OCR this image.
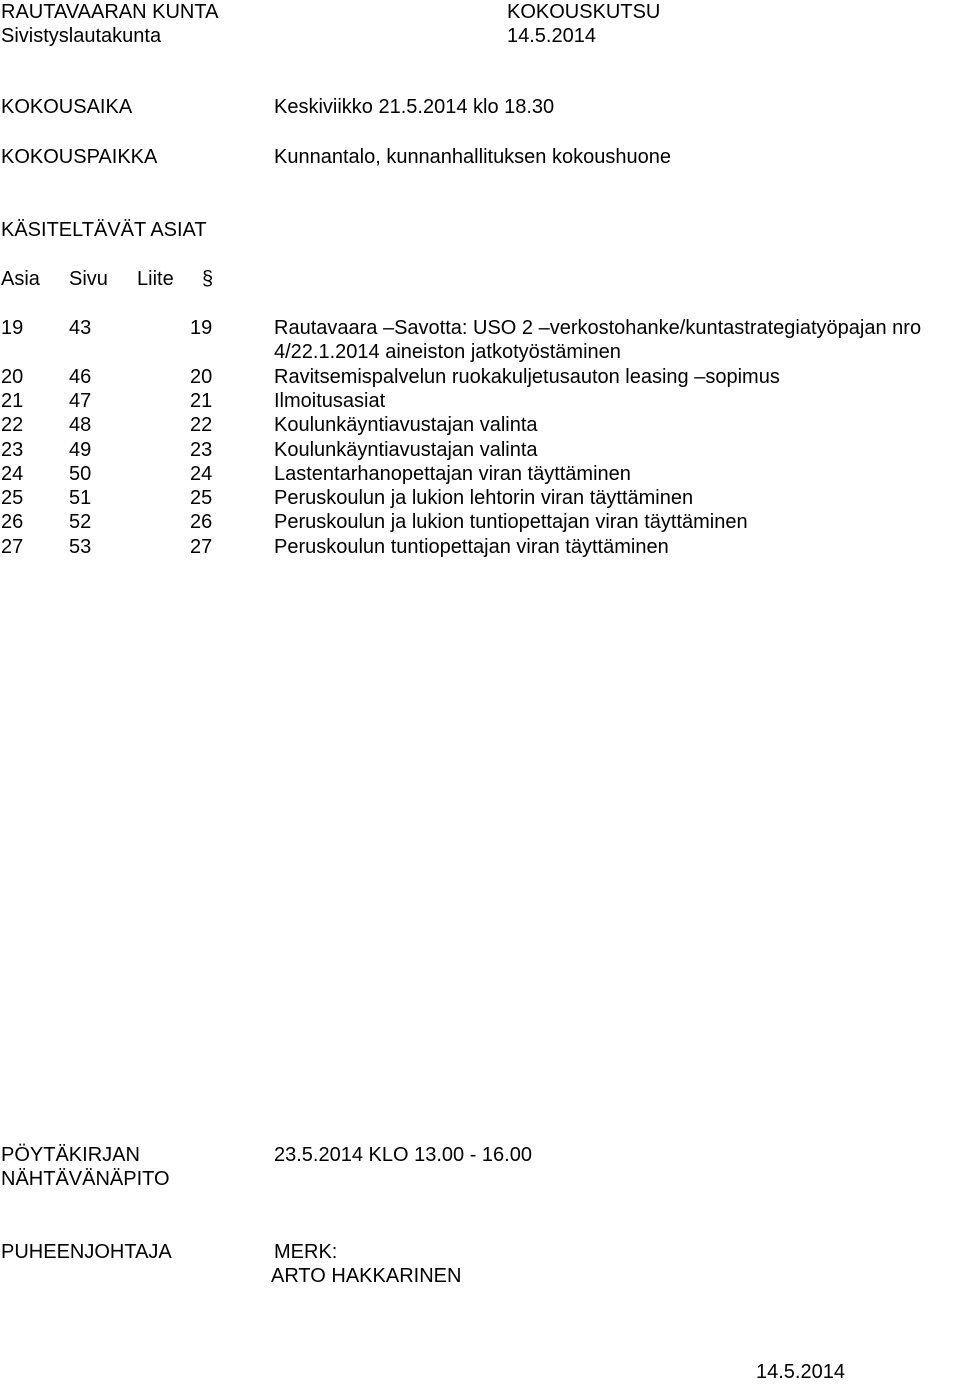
RAUTAVAARAN KUNTA
Sivistyslautakunta
KOKOUSKUTSU
14.5.2014
KOKOUSAIKA	Keskiviikko 21.5.2014 klo 18.30
KOKOUSPAIKKA	Kunnantalo, kunnanhallituksen kokoushuone
KÄSITELTÄVÄT ASIAT
Asia Sivu Liite §
19 43	19	Rautavaara –Savotta: USO 2 –verkostohanke/kuntastrategiatyöpajan nro
4/22.1.2014 aineiston jatkotyöstäminen
20 46	20	Ravitsemispalvelun ruokakuljetusauton leasing –sopimus
21 47	21	Ilmoitusasiat
22 48	22	Koulunkäyntiavustajan valinta
23 49	23	Koulunkäyntiavustajan valinta
24 50	24	Lastentarhanopettajan viran täyttäminen
25 51	25	Peruskoulun ja lukion lehtorin viran täyttäminen
26 52	26	Peruskoulun ja lukion tuntiopettajan viran täyttäminen
27 53	27	Peruskoulun tuntiopettajan viran täyttäminen
PÖYTÄKIRJAN
NÄHTÄVÄNÄPITO
23.5.2014 KLO 13.00 - 16.00
PUHEENJOHTAJA	MERK:
ARTO HAKKARINEN
14.5.2014
